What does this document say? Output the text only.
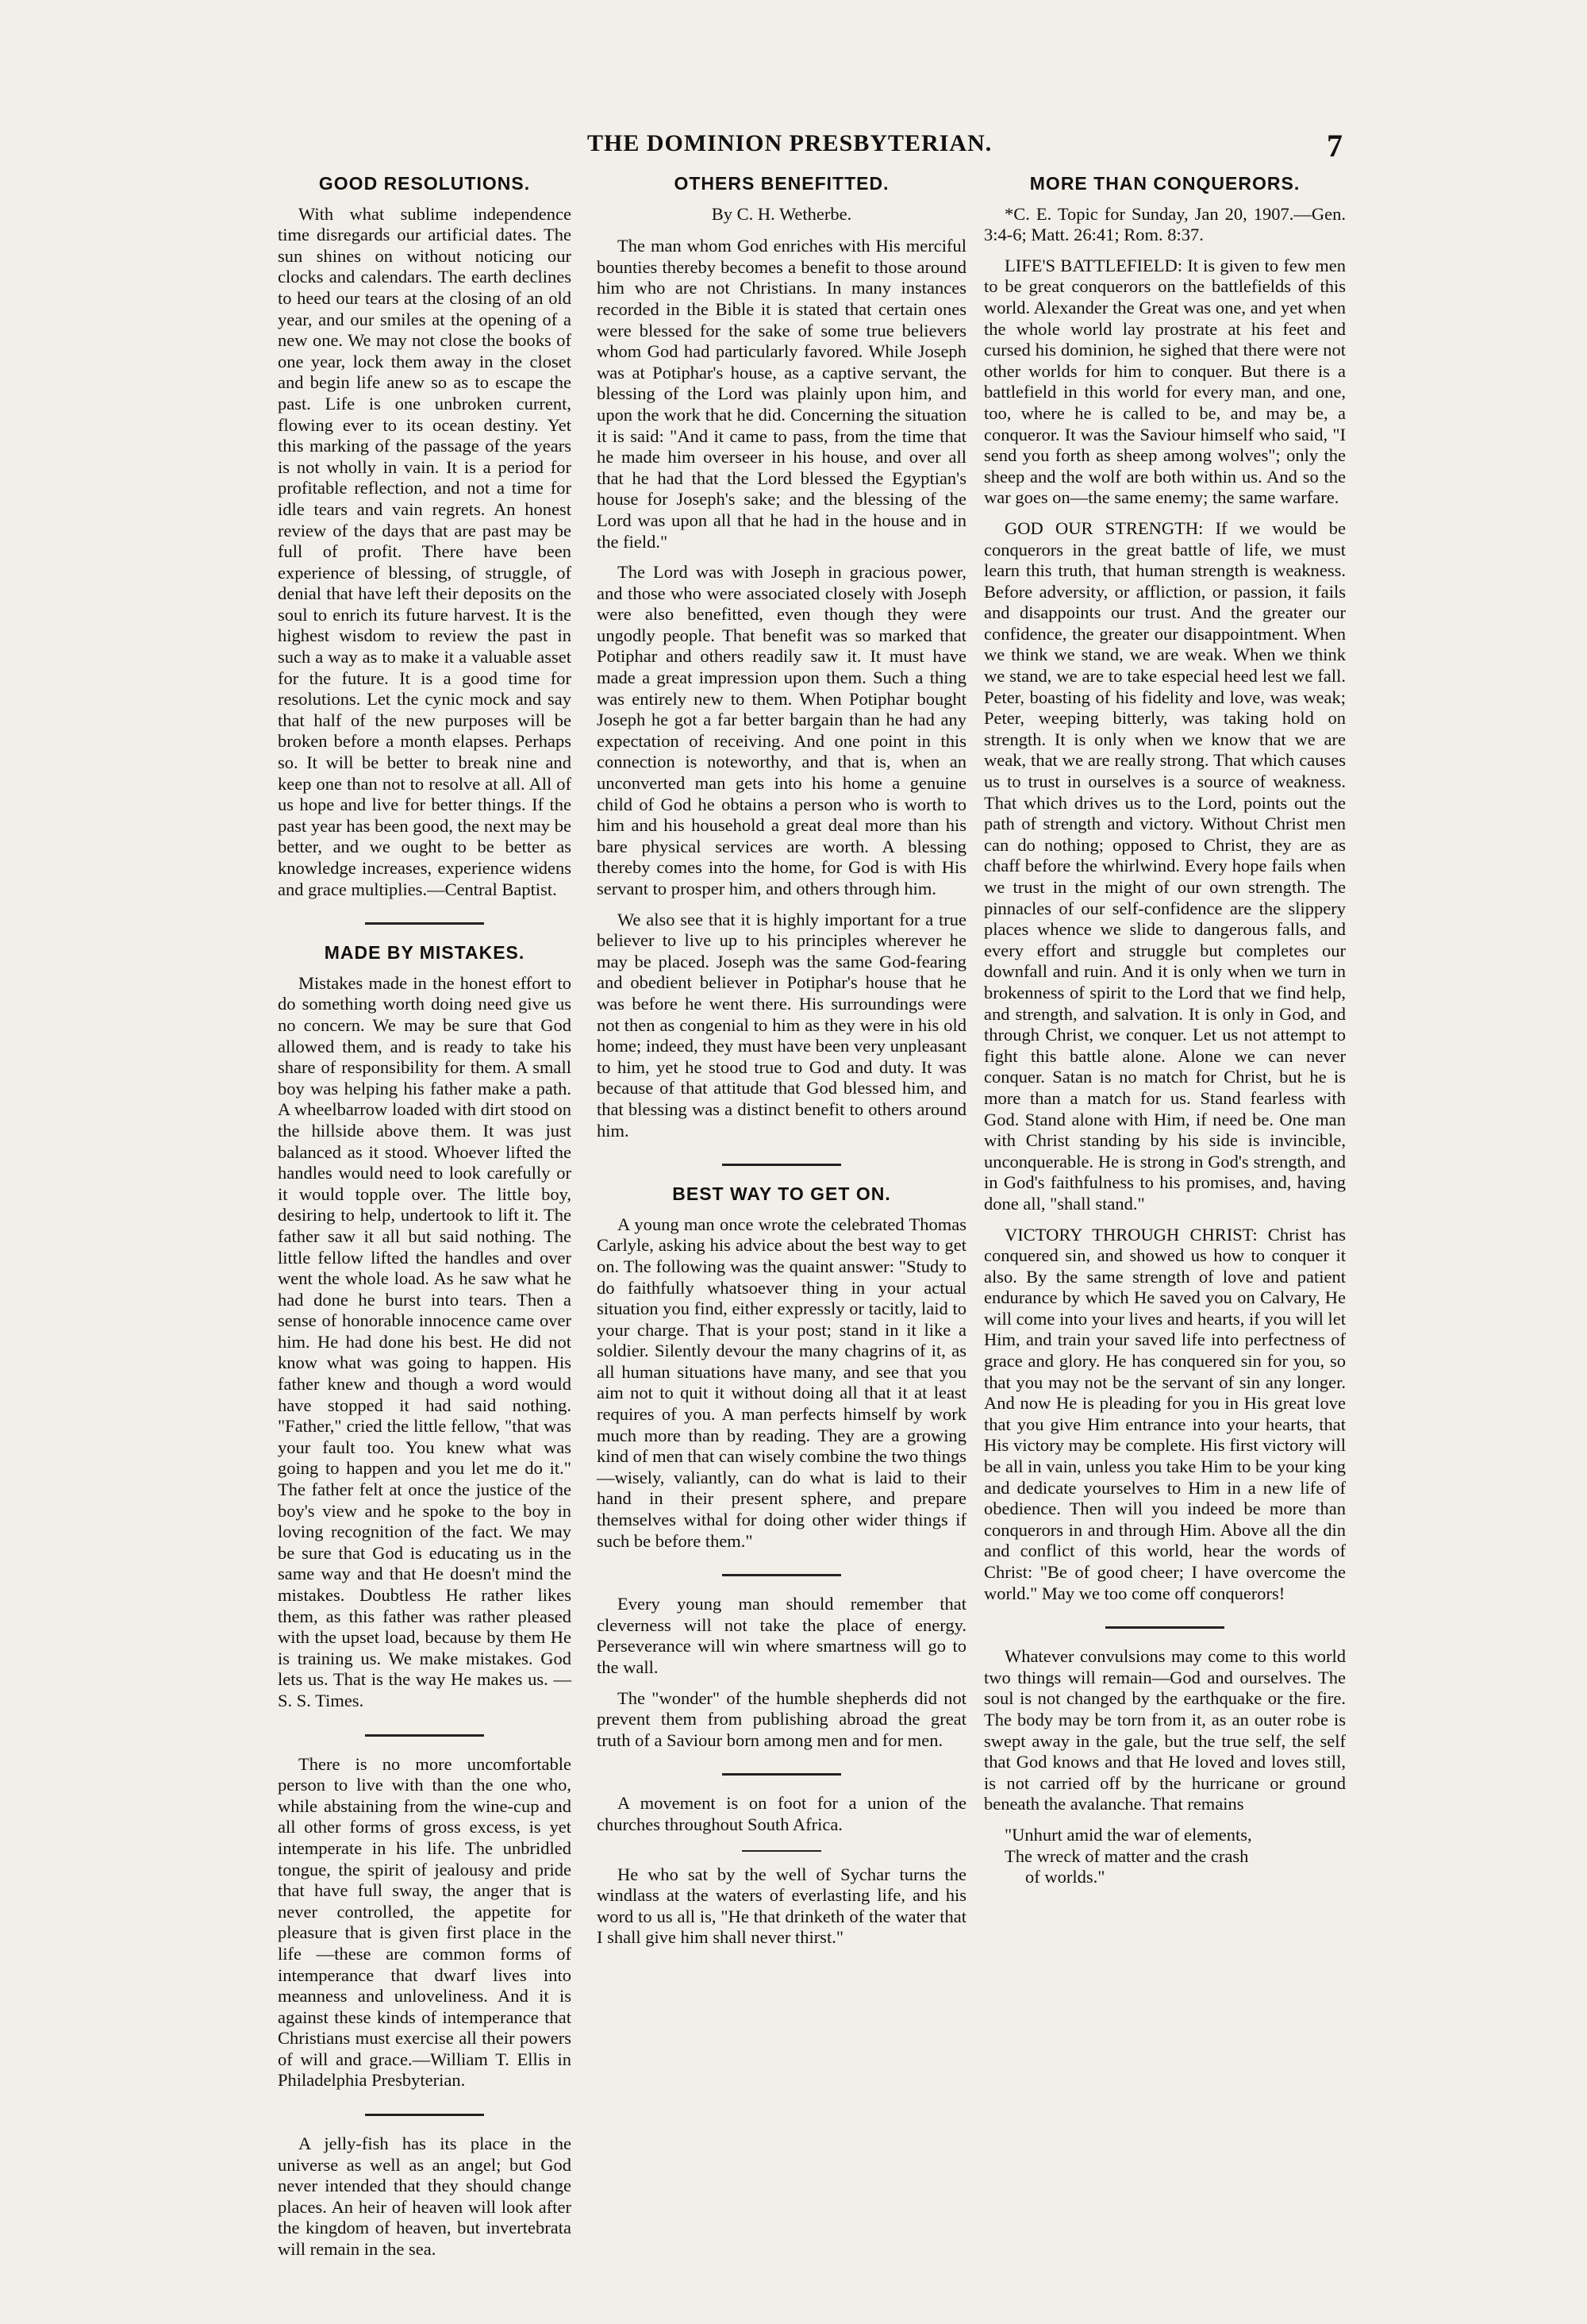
THE DOMINION PRESBYTERIAN.	7
GOOD RESOLUTIONS.

With what sublime independence time disregards our artificial dates. The sun shines on without noticing our clocks and calendars. The earth declines to heed our tears at the closing of an old year, and our smiles at the opening of a new one. We may not close the books of one year, lock them away in the closet and begin life anew so as to escape the past. Life is one unbroken current, flowing ever to its ocean destiny. Yet this marking of the passage of the years is not wholly in vain. It is a period for profitable reflection, and not a time for idle tears and vain regrets. An honest review of the days that are past may be full of profit. There have been experience of blessing, of struggle, of denial that have left their deposits on the soul to enrich its future harvest. It is the highest wisdom to review the past in such a way as to make it a valuable asset for the future. It is a good time for resolutions. Let the cynic mock and say that half of the new purposes will be broken before a month elapses. Perhaps so. It will be better to break nine and keep one than not to resolve at all. All of us hope and live for better things. If the past year has been good, the next may be better, and we ought to be better as knowledge increases, experience widens and grace multiplies.—Central Baptist.

MADE BY MISTAKES.

Mistakes made in the honest effort to do something worth doing need give us no concern. We may be sure that God allowed them, and is ready to take his share of responsibility for them. A small boy was helping his father make a path. A wheelbarrow loaded with dirt stood on the hillside above them. It was just balanced as it stood. Whoever lifted the handles would need to look carefully or it would topple over. The little boy, desiring to help, undertook to lift it. The father saw it all but said nothing. The little fellow lifted the handles and over went the whole load. As he saw what he had done he burst into tears. Then a sense of honorable innocence came over him. He had done his best. He did not know what was going to happen. His father knew and though a word would have stopped it had said nothing. "Father," cried the little fellow, "that was your fault too. You knew what was going to happen and you let me do it." The father felt at once the justice of the boy's view and he spoke to the boy in loving recognition of the fact. We may be sure that God is educating us in the same way and that He doesn't mind the mistakes. Doubtless He rather likes them, as this father was rather pleased with the upset load, because by them He is training us. We make mistakes. God lets us. That is the way He makes us. —S. S. Times.

There is no more uncomfortable person to live with than the one who, while abstaining from the wine-cup and all other forms of gross excess, is yet intemperate in his life. The unbridled tongue, the spirit of jealousy and pride that have full sway, the anger that is never controlled, the appetite for pleasure that is given first place in the life —these are common forms of intemperance that dwarf lives into meanness and unloveliness. And it is against these kinds of intemperance that Christians must exercise all their powers of will and grace.—William T. Ellis in Philadelphia Presbyterian.

A jelly-fish has its place in the universe as well as an angel; but God never intended that they should change places. An heir of heaven will look after the kingdom of heaven, but invertebrata will remain in the sea.

OTHERS BENEFITTED.

By C. H. Wetherbe.

The man whom God enriches with His merciful bounties thereby becomes a benefit to those around him who are not Christians. In many instances recorded in the Bible it is stated that certain ones were blessed for the sake of some true believers whom God had particularly favored. While Joseph was at Potiphar's house, as a captive servant, the blessing of the Lord was plainly upon him, and upon the work that he did. Concerning the situation it is said: "And it came to pass, from the time that he made him overseer in his house, and over all that he had that the Lord blessed the Egyptian's house for Joseph's sake; and the blessing of the Lord was upon all that he had in the house and in the field."

The Lord was with Joseph in gracious power, and those who were associated closely with Joseph were also benefitted, even though they were ungodly people. That benefit was so marked that Potiphar and others readily saw it. It must have made a great impression upon them. Such a thing was entirely new to them. When Potiphar bought Joseph he got a far better bargain than he had any expectation of receiving. And one point in this connection is noteworthy, and that is, when an unconverted man gets into his home a genuine child of God he obtains a person who is worth to him and his household a great deal more than his bare physical services are worth. A blessing thereby comes into the home, for God is with His servant to prosper him, and others through him.

We also see that it is highly important for a true believer to live up to his principles wherever he may be placed. Joseph was the same God-fearing and obedient believer in Potiphar's house that he was before he went there. His surroundings were not then as congenial to him as they were in his old home; indeed, they must have been very unpleasant to him, yet he stood true to God and duty. It was because of that attitude that God blessed him, and that blessing was a distinct benefit to others around him.

BEST WAY TO GET ON.

A young man once wrote the celebrated Thomas Carlyle, asking his advice about the best way to get on. The following was the quaint answer: "Study to do faithfully whatsoever thing in your actual situation you find, either expressly or tacitly, laid to your charge. That is your post; stand in it like a soldier. Silently devour the many chagrins of it, as all human situations have many, and see that you aim not to quit it without doing all that it at least requires of you. A man perfects himself by work much more than by reading. They are a growing kind of men that can wisely combine the two things—wisely, valiantly, can do what is laid to their hand in their present sphere, and prepare themselves withal for doing other wider things if such be before them."

Every young man should remember that cleverness will not take the place of energy. Perseverance will win where smartness will go to the wall.

The "wonder" of the humble shepherds did not prevent them from publishing abroad the great truth of a Saviour born among men and for men.

A movement is on foot for a union of the churches throughout South Africa.

He who sat by the well of Sychar turns the windlass at the waters of everlasting life, and his word to us all is, "He that drinketh of the water that I shall give him shall never thirst."

MORE THAN CONQUERORS.

*C. E. Topic for Sunday, Jan 20, 1907.—Gen. 3:4-6; Matt. 26:41; Rom. 8:37.

LIFE'S BATTLEFIELD: It is given to few men to be great conquerors on the battlefields of this world. Alexander the Great was one, and yet when the whole world lay prostrate at his feet and cursed his dominion, he sighed that there were not other worlds for him to conquer. But there is a battlefield in this world for every man, and one, too, where he is called to be, and may be, a conqueror. It was the Saviour himself who said, "I send you forth as sheep among wolves"; only the sheep and the wolf are both within us. And so the war goes on—the same enemy; the same warfare.

GOD OUR STRENGTH: If we would be conquerors in the great battle of life, we must learn this truth, that human strength is weakness. Before adversity, or affliction, or passion, it fails and disappoints our trust. And the greater our confidence, the greater our disappointment. When we think we stand, we are weak. When we think we stand, we are to take especial heed lest we fall. Peter, boasting of his fidelity and love, was weak; Peter, weeping bitterly, was taking hold on strength. It is only when we know that we are weak, that we are really strong. That which causes us to trust in ourselves is a source of weakness. That which drives us to the Lord, points out the path of strength and victory. Without Christ men can do nothing; opposed to Christ, they are as chaff before the whirlwind. Every hope fails when we trust in the might of our own strength. The pinnacles of our self-confidence are the slippery places whence we slide to dangerous falls, and every effort and struggle but completes our downfall and ruin. And it is only when we turn in brokenness of spirit to the Lord that we find help, and strength, and salvation. It is only in God, and through Christ, we conquer. Let us not attempt to fight this battle alone. Alone we can never conquer. Satan is no match for Christ, but he is more than a match for us. Stand fearless with God. Stand alone with Him, if need be. One man with Christ standing by his side is invincible, unconquerable. He is strong in God's strength, and in God's faithfulness to his promises, and, having done all, "shall stand."

VICTORY THROUGH CHRIST: Christ has conquered sin, and showed us how to conquer it also. By the same strength of love and patient endurance by which He saved you on Calvary, He will come into your lives and hearts, if you will let Him, and train your saved life into perfectness of grace and glory. He has conquered sin for you, so that you may not be the servant of sin any longer. And now He is pleading for you in His great love that you give Him entrance into your hearts, that His victory may be complete. His first victory will be all in vain, unless you take Him to be your king and dedicate yourselves to Him in a new life of obedience. Then will you indeed be more than conquerors in and through Him. Above all the din and conflict of this world, hear the words of Christ: "Be of good cheer; I have overcome the world." May we too come off conquerors!

Whatever convulsions may come to this world two things will remain—God and ourselves. The soul is not changed by the earthquake or the fire. The body may be torn from it, as an outer robe is swept away in the gale, but the true self, the self that God knows and that He loved and loves still, is not carried off by the hurricane or ground beneath the avalanche. That remains

"Unhurt amid the war of elements,

The wreck of matter and the crash

of worlds."
